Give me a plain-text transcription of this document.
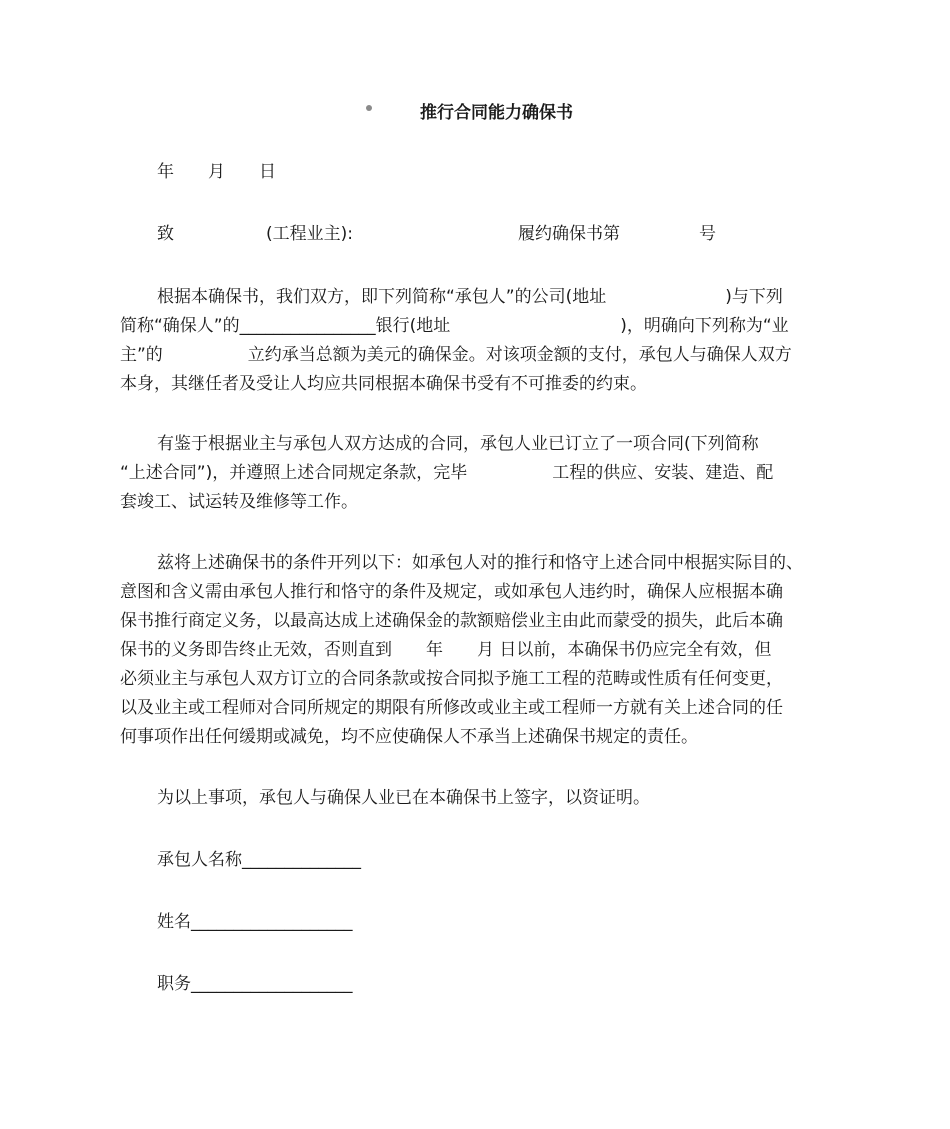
推行合同能力确保书
年　　月　　日
致	(工程业主):	履约确保书第	号
根据本确保书，我们双方，即下列简称“承包人”的公司(地址　　　　　　　)与下列
简称“确保人”的________________银行(地址　　　　　　　　　　)，明确向下列称为“业
主”的　　　　　立约承当总额为美元的确保金。对该项金额的支付，承包人与确保人双方
本身，其继任者及受让人均应共同根据本确保书受有不可推委的约束。
有鉴于根据业主与承包人双方达成的合同，承包人业已订立了一项合同(下列简称
“上述合同”)，并遵照上述合同规定条款，完毕　　　　　工程的供应、安装、建造、配
套竣工、试运转及维修等工作。
兹将上述确保书的条件开列以下：如承包人对的推行和恪守上述合同中根据实际目的、
意图和含义需由承包人推行和恪守的条件及规定，或如承包人违约时，确保人应根据本确
保书推行商定义务，以最高达成上述确保金的款额赔偿业主由此而蒙受的损失，此后本确
保书的义务即告终止无效，否则直到　　年　　月 日以前，本确保书仍应完全有效，但
必须业主与承包人双方订立的合同条款或按合同拟予施工工程的范畴或性质有任何变更，
以及业主或工程师对合同所规定的期限有所修改或业主或工程师一方就有关上述合同的任
何事项作出任何缓期或减免，均不应使确保人不承当上述确保书规定的责任。
为以上事项，承包人与确保人业已在本确保书上签字，以资证明。
承包人名称______________
姓名___________________
职务___________________
